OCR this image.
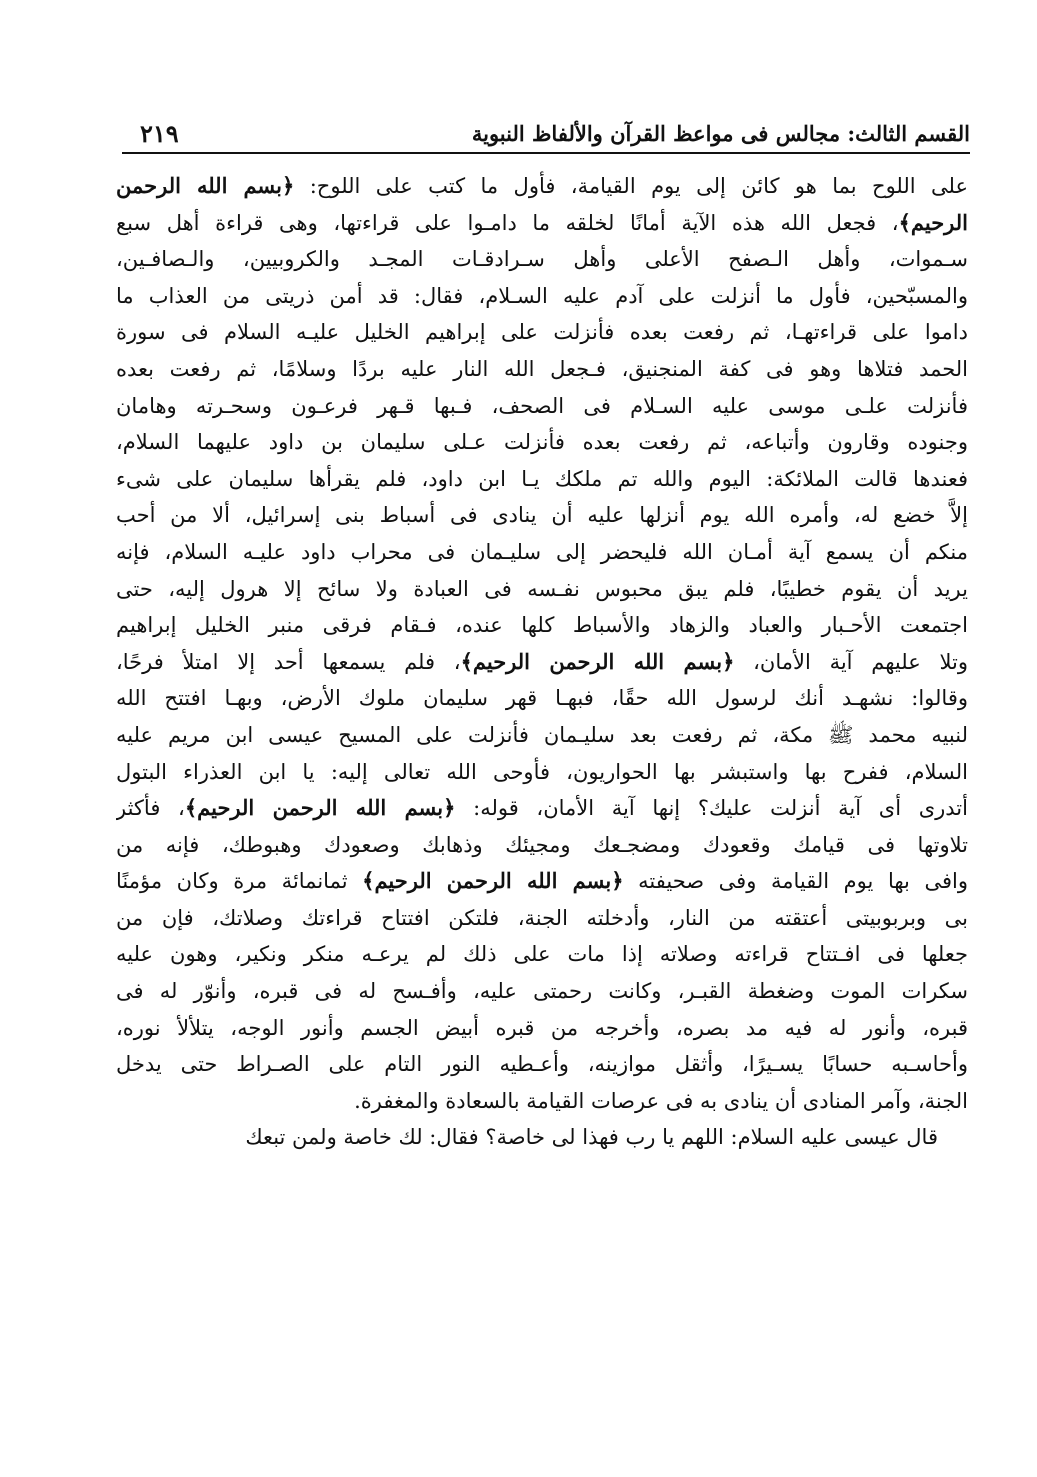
القسم الثالث: مجالس فى مواعظ القرآن والألفاظ النبوية
٢١٩
على اللوح بما هو كائن إلى يوم القيامة، فأول ما كتب على اللوح: ﴿بسم الله الرحمن
الرحيم﴾، فجعل الله هذه الآية أمانًا لخلقه ما دامـوا على قراءتها، وهى قراءة أهل سبع
سـموات، وأهل الـصفح الأعلى وأهل سـرادقـات المجـد والكروبيين، والـصافـين،
والمسبّحين، فأول ما أنزلت على آدم عليه السـلام، فقال: قد أمن ذريتى من العذاب ما
داموا على قراءتهـا، ثم رفعت بعده فأنزلت على إبراهيم الخليل عليـه السلام فى سورة
الحمد فتلاها وهو فى كفة المنجنيق، فـجعل الله النار عليه بردًا وسلامًا، ثم رفعت بعده
فأنزلت علـى موسى عليه السـلام فى الصحف، فـبها قـهر فرعـون وسحـرته وهامان
وجنوده وقارون وأتباعه، ثم رفعت بعده فأنزلت عـلى سليمان بن داود عليهما السلام،
فعندها قالت الملائكة: اليوم والله تم ملكك يـا ابن داود، فلم يقرأها سليمان على شىء
إلاَّ خضع له، وأمره الله يوم أنزلها عليه أن ينادى فى أسباط بنى إسرائيل، ألا من أحب
منكم أن يسمع آية أمـان الله فليحضر إلى سليـمان فى محراب داود عليـه السلام، فإنه
يريد أن يقوم خطيبًا، فلم يبق محبوس نفـسه فى العبادة ولا سائح إلا هرول إليه، حتى
اجتمعت الأحـبار والعباد والزهاد والأسباط كلها عنده، فـقام فرقى منبر الخليل إبراهيم
وتلا عليهم آية الأمان، ﴿بسم الله الرحمن الرحيم﴾، فلم يسمعها أحد إلا امتلأ فرحًا،
وقالوا: نشهـد أنك لرسول الله حقًا، فبهـا قهر سليمان ملوك الأرض، وبهـا افتتح الله
لنبيه محمد ﷺ مكة، ثم رفعت بعد سليـمان فأنزلت على المسيح عيسى ابن مريم عليه
السلام، ففرح بها واستبشر بها الحواريون، فأوحى الله تعالى إليه: يا ابن العذراء البتول
أتدرى أى آية أنزلت عليك؟ إنها آية الأمان، قوله: ﴿بسم الله الرحمن الرحيم﴾، فأكثر
تلاوتها فى قيامك وقعودك ومضجـعك ومجيئك وذهابك وصعودك وهبوطك، فإنه من
وافى بها يوم القيامة وفى صحيفته ﴿بسم الله الرحمن الرحيم﴾ ثمانمائة مرة وكان مؤمنًا
بى وبربوبيتى أعتقته من النار، وأدخلته الجنة، فلتكن افتتاح قراءتك وصلاتك، فإن من
جعلها فى افـتتاح قراءته وصلاته إذا مات على ذلك لم يرعـه منكر ونكير، وهون عليه
سكرات الموت وضغطة القبـر، وكانت رحمتى عليه، وأفـسح له فى قبره، وأنوّر له فى
قبره، وأنور له فيه مد بصره، وأخرجه من قبره أبيض الجسم وأنور الوجه، يتلألأ نوره،
وأحاسـبه حسابًا يسـيرًا، وأثقل موازينه، وأعـطيه النور التام على الصـراط حتى يدخل
الجنة، وآمر المنادى أن ينادى به فى عرصات القيامة بالسعادة والمغفرة.
قال عيسى عليه السلام: اللهم يا رب فهذا لى خاصة؟ فقال: لك خاصة ولمن تبعك
